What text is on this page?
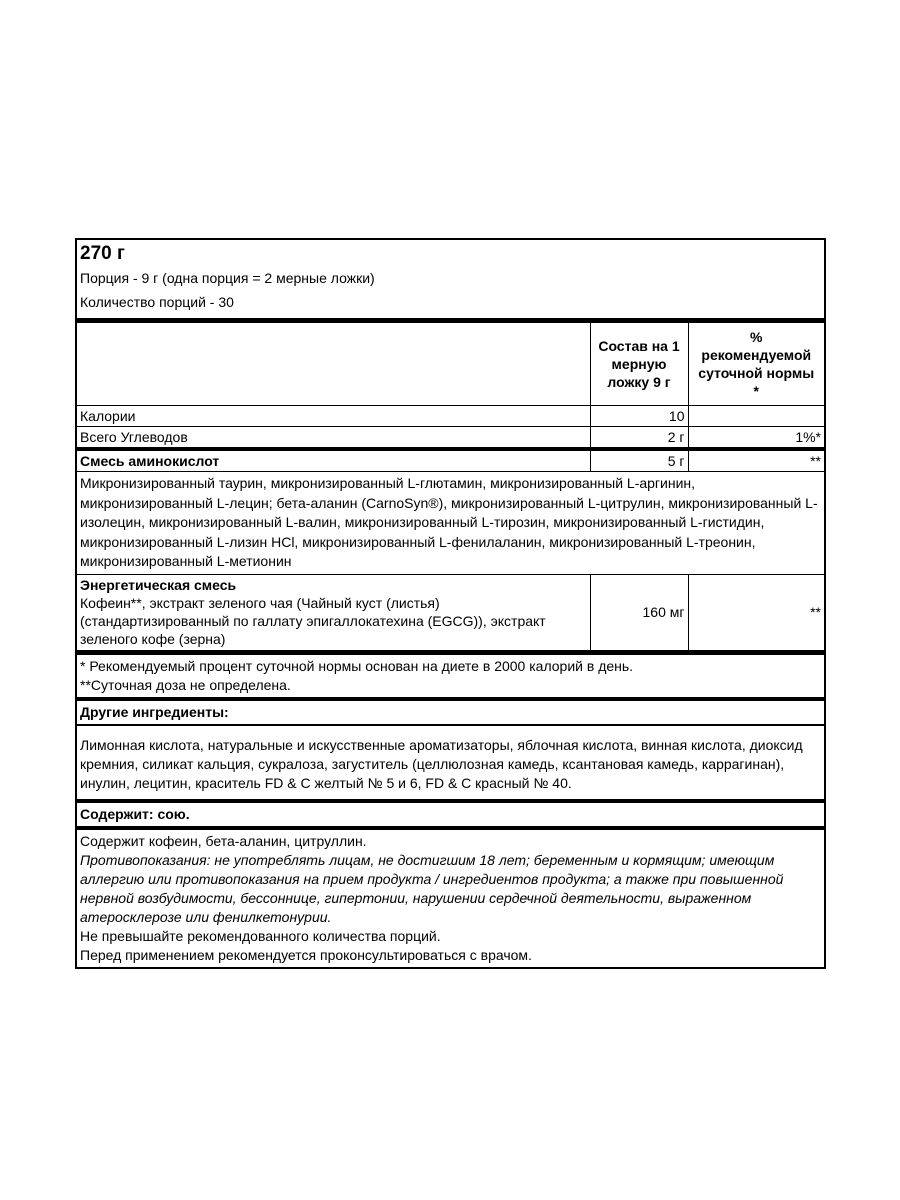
270 г
Порция - 9 г (одна порция = 2 мерные ложки)
Количество порций - 30
	Состав на 1 мерную ложку 9 г	%
рекомендуемой суточной нормы
*

Калории	10	
Всего Углеводов	2 г	1%*
Смесь аминокислот	5 г	**
Микронизированный таурин, микронизированный L-глютамин, микронизированный L-аргинин, микронизированный L-лецин; бета-аланин (CarnoSyn®), микронизированный L-цитрулин, микронизированный L-изолецин, микронизированный L-валин, микронизированный L-тирозин, микронизированный L-гистидин, микронизированный L-лизин HCl, микронизированный L-фенилаланин, микронизированный L-треонин, микронизированный L-метионин		

Энергетическая смесь
Кофеин**, экстракт зеленого чая (Чайный куст (листья) (стандартизированный по галлату эпигаллокатехина (EGCG)), экстракт зеленого кофе (зерна)	160 мг	**
* Рекомендуемый процент суточной нормы основан на диете в 2000 калорий в день.
**Суточная доза не определена.
Другие ингредиенты:
Лимонная кислота, натуральные и искусственные ароматизаторы, яблочная кислота, винная кислота, диоксид кремния, силикат кальция, сукралоза, загуститель (целлюлозная камедь, ксантановая камедь, каррагинан), инулин, лецитин, краситель FD & C желтый № 5 и 6, FD & C красный № 40.
Содержит: сою.
Содержит кофеин, бета-аланин, цитруллин.
Противопоказания: не употреблять лицам, не достигшим 18 лет; беременным и кормящим; имеющим аллергию или противопоказания на прием продукта / ингредиентов продукта; а также при повышенной нервной возбудимости, бессоннице, гипертонии, нарушении сердечной деятельности, выраженном атеросклерозе или фенилкетонурии.
Не превышайте рекомендованного количества порций.
Перед применением рекомендуется проконсультироваться с врачом.
